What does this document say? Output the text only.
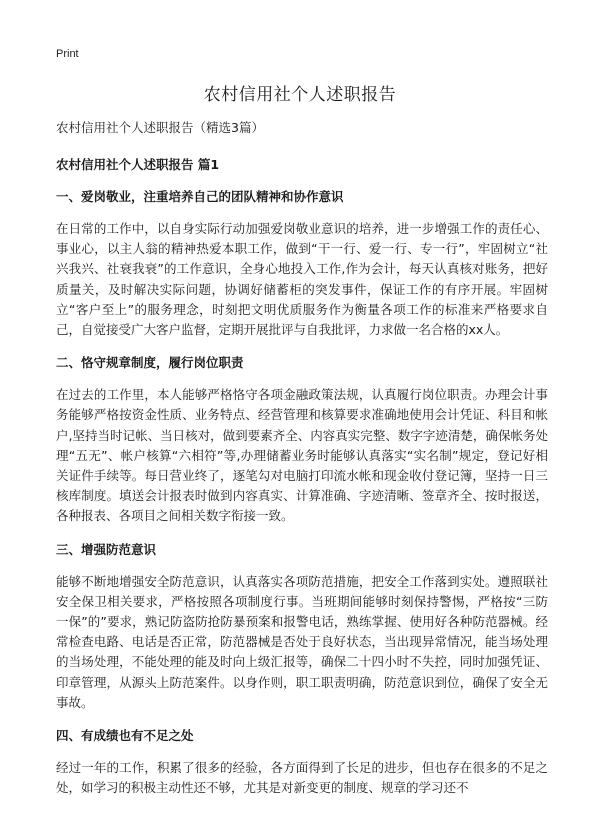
Print
农村信用社个人述职报告

农村信用社个人述职报告（精选3篇）

农村信用社个人述职报告 篇1

一、爱岗敬业，注重培养自己的团队精神和协作意识

在日常的工作中，以自身实际行动加强爱岗敬业意识的培养，进一步增强工作的责任心、事业心，以主人翁的精神热爱本职工作，做到“干一行、爱一行、专一行”，牢固树立“社兴我兴、社衰我衰”的工作意识，全身心地投入工作,作为会计，每天认真核对账务，把好质量关，及时解决实际问题，协调好储蓄柜的突发事件，保证工作的有序开展。牢固树立“客户至上”的服务理念，时刻把文明优质服务作为衡量各项工作的标准来严格要求自己，自觉接受广大客户监督，定期开展批评与自我批评，力求做一名合格的xx人。

二、恪守规章制度，履行岗位职责

在过去的工作里，本人能够严格恪守各项金融政策法规，认真履行岗位职责。办理会计事务能够严格按资金性质、业务特点、经营管理和核算要求准确地使用会计凭证、科目和帐户,坚持当时记帐、当日核对，做到要素齐全、内容真实完整、数字字迹清楚，确保帐务处理“五无”、帐户核算“六相符”等,办理储蓄业务时能够认真落实“实名制”规定，登记好相关证件手续等。每日营业终了，逐笔勾对电脑打印流水帐和现金收付登记簿，坚持一日三核库制度。填送会计报表时做到内容真实、计算准确、字迹清晰、签章齐全、按时报送，各种报表、各项目之间相关数字衔接一致。

三、增强防范意识

能够不断地增强安全防范意识，认真落实各项防范措施，把安全工作落到实处。遵照联社安全保卫相关要求，严格按照各项制度行事。当班期间能够时刻保持警惕，严格按“三防一保”的”要求，熟记防盗防抢防暴预案和报警电话，熟练掌握、使用好各种防范器械。经常检查电路、电话是否正常，防范器械是否处于良好状态，当出现异常情况，能当场处理的当场处理，不能处理的能及时向上级汇报等，确保二十四小时不失控，同时加强凭证、印章管理，从源头上防范案件。以身作则，职工职责明确，防范意识到位，确保了安全无事故。

四、有成绩也有不足之处

经过一年的工作，积累了很多的经验，各方面得到了长足的进步，但也存在很多的不足之处，如学习的积极主动性还不够，尤其是对新变更的制度、规章的学习还不
